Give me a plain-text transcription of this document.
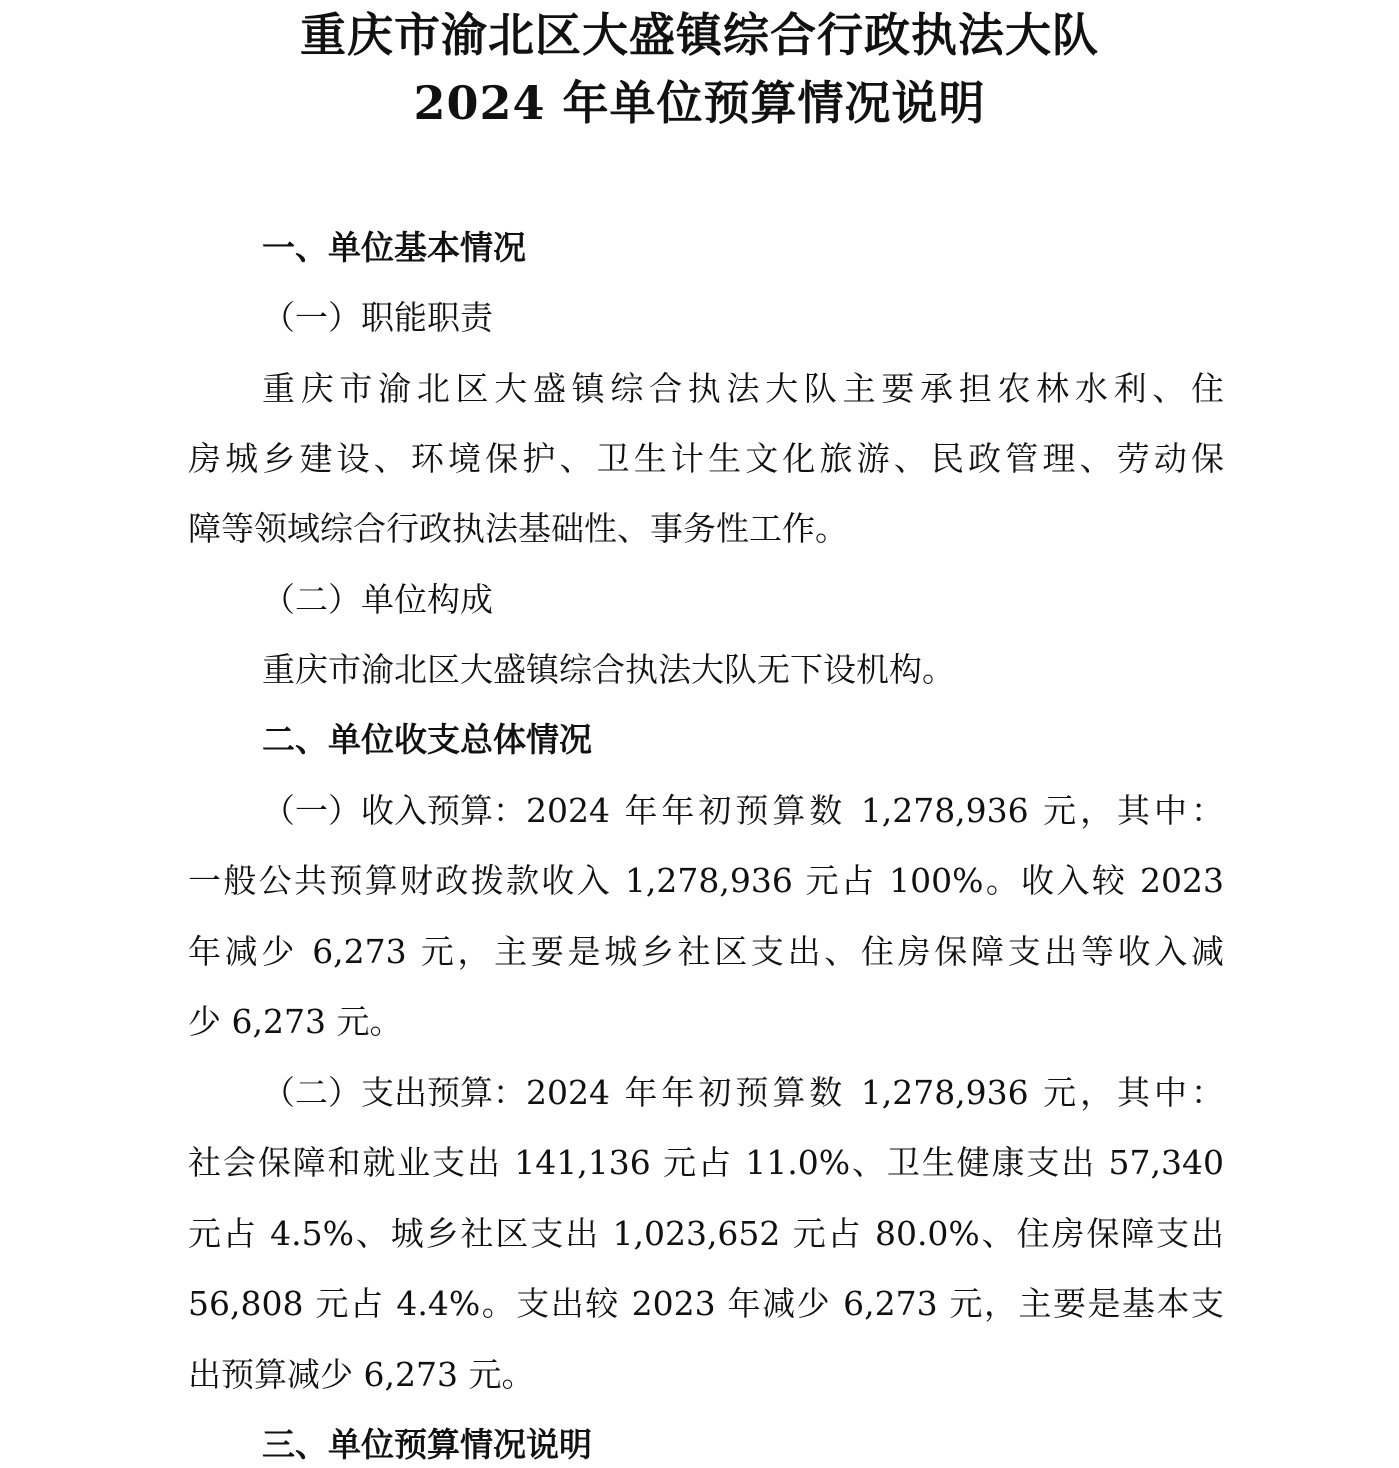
重庆市渝北区大盛镇综合行政执法大队
2024 年单位预算情况说明
一、单位基本情况
（一）职能职责
重庆市渝北区大盛镇综合执法大队主要承担农林水利、住
房城乡建设、环境保护、卫生计生文化旅游、民政管理、劳动保
障等领域综合行政执法基础性、事务性工作。
（二）单位构成
重庆市渝北区大盛镇综合执法大队无下设机构。
二、单位收支总体情况
（一）收入预算： 2024 年年初预算数 1,278,936 元，其中：
一般公共预算财政拨款收入 1,278,936 元占 100%。收入较 2023
年减少 6,273 元，主要是城乡社区支出、住房保障支出等收入减
少 6,273 元。
（二）支出预算： 2024 年年初预算数 1,278,936 元，其中：
社会保障和就业支出 141,136 元占 11.0%、卫生健康支出 57,340
元占 4.5%、城乡社区支出 1,023,652 元占 80.0%、住房保障支出
56,808 元占 4.4%。支出较 2023 年减少 6,273 元，主要是基本支
出预算减少 6,273 元。
三、单位预算情况说明
